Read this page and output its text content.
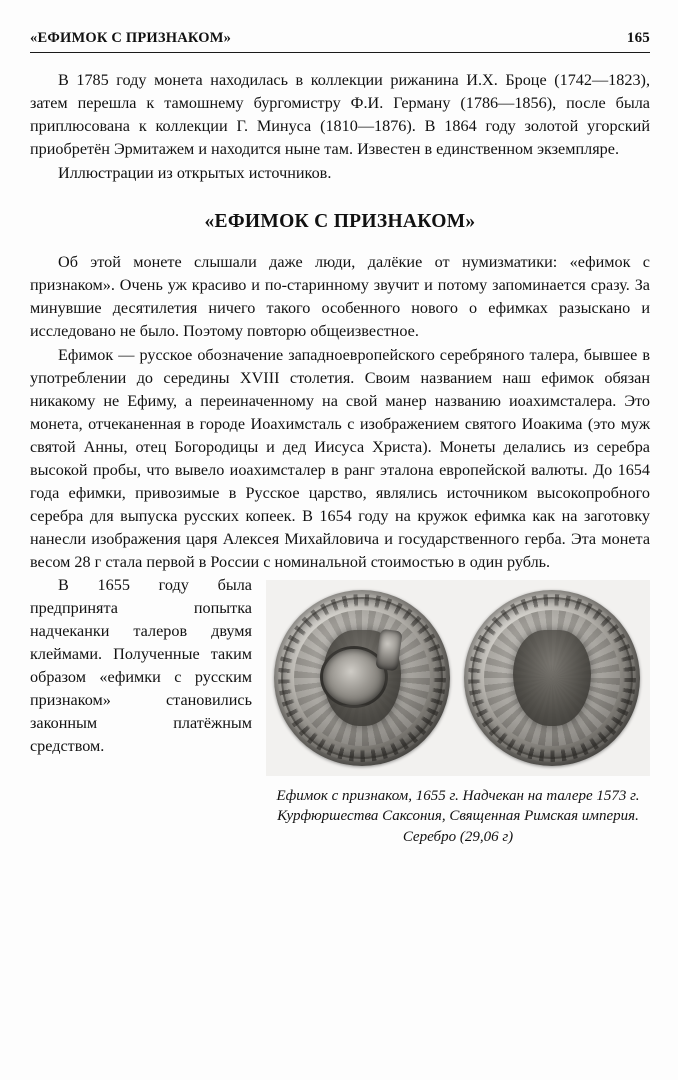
«ЕФИМОК С ПРИЗНАКОМ»	165

В 1785 году монета находилась в коллекции рижанина И.Х. Броце (1742—1823), затем перешла к тамошнему бургомистру Ф.И. Герману (1786—1856), после была приплюсована к коллекции Г. Минуса (1810—1876). В 1864 году золотой угорский приобретён Эрмитажем и находится ныне там. Известен в единственном экземпляре.

Иллюстрации из открытых источников.

«ЕФИМОК С ПРИЗНАКОМ»

Об этой монете слышали даже люди, далёкие от нумизматики: «ефимок с признаком». Очень уж красиво и по-старинному звучит и потому запоминается сразу. За минувшие десятилетия ничего такого особенного нового о ефимках разыскано и исследовано не было. Поэтому повторю общеизвестное.

Ефимок — русское обозначение западноевропейского серебряного талера, бывшее в употреблении до середины XVIII столетия. Своим названием наш ефимок обязан никакому не Ефиму, а переиначенному на свой манер названию иоахимсталера. Это монета, отчеканенная в городе Иоахимсталь с изображением святого Иоакима (это муж святой Анны, отец Богородицы и дед Иисуса Христа). Монеты делались из серебра высокой пробы, что вывело иоахимсталер в ранг эталона европейской валюты. До 1654 года ефимки, привозимые в Русское царство, являлись источником высокопробного серебра для выпуска русских копеек. В 1654 году на кружок ефимка как на заготовку нанесли изображения царя Алексея Михайловича и государственного герба. Эта монета весом 28 г стала первой в России с номинальной стоимостью в один рубль.

Ефимок с признаком, 1655 г. Надчекан на талере 1573 г. Курфюршества Саксония, Священная Римская империя. Серебро (29,06 г)

В 1655 году была предпринята попытка надчеканки талеров двумя клеймами. Полученные таким образом «ефимки с русским признаком» становились законным платёжным средством.
